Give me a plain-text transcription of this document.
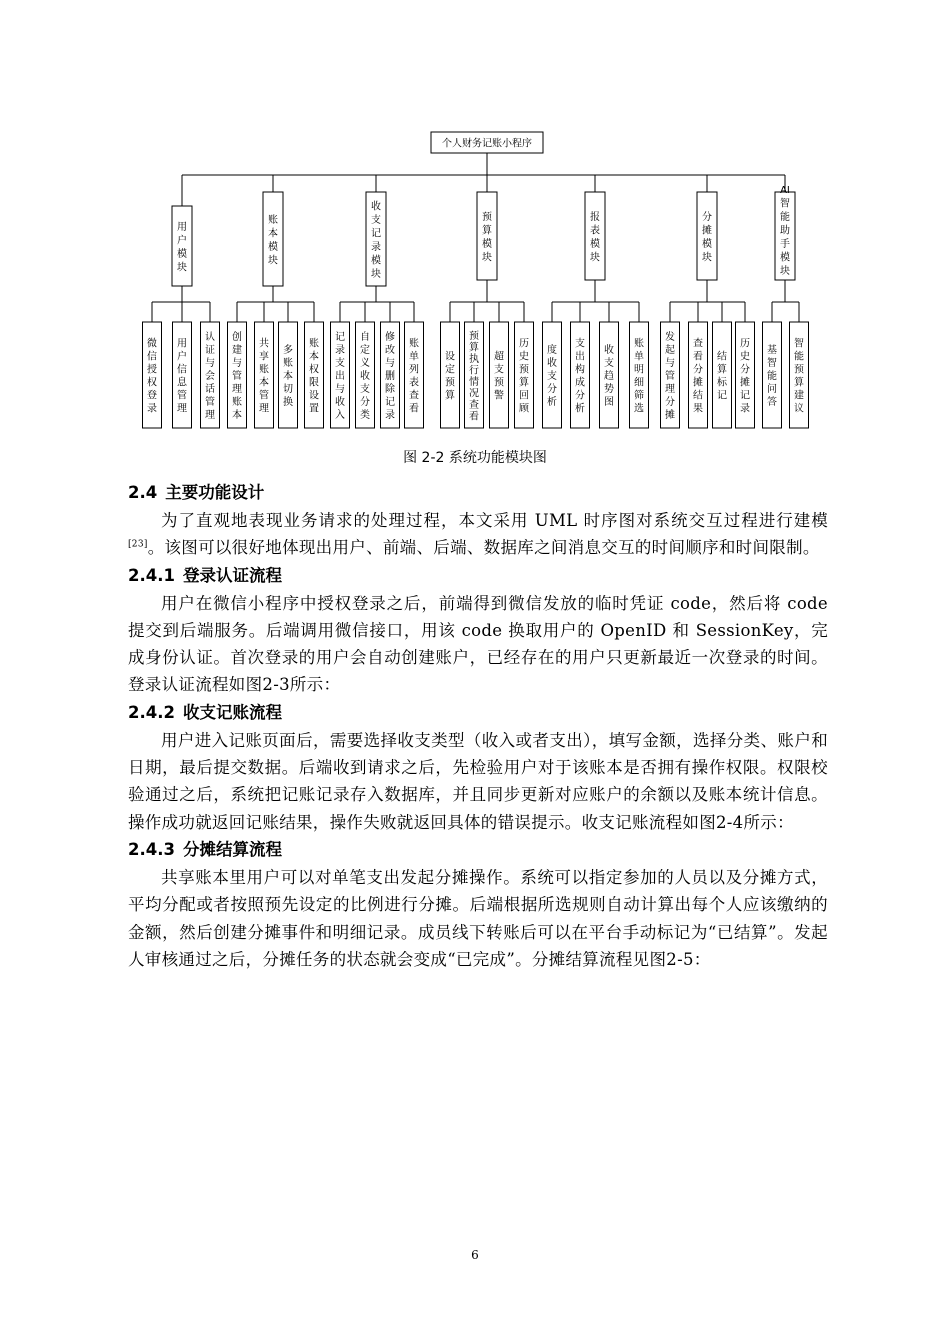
个人财务记账小程序
用
户
模
块
微
信
授
权
登
录
用
户
信
息
管
理
认
证
与
会
话
管
理
账
本
模
块
创
建
与
管
理
账
本
共
享
账
本
管
理
多
账
本
切
换
账
本
权
限
设
置
收
支
记
录
模
块
记
录
支
出
与
收
入
自
定
义
收
支
分
类
修
改
与
删
除
记
录
账
单
列
表
查
看
预
算
模
块
设
定
预
算
预
算
执
行
情
况
查
看
超
支
预
警
历
史
预
算
回
顾
报
表
模
块
度
收
支
分
析
支
出
构
成
分
析
收
支
趋
势
图
账
单
明
细
筛
选
分
摊
模
块
发
起
与
管
理
分
摊
查
看
分
摊
结
果
结
算
标
记
历
史
分
摊
记
录
AI
智
能
助
手
模
块
基
智
能
问
答
智
能
预
算
建
议
图 2-2 系统功能模块图
2.4 主要功能设计

为了直观地表现业务请求的处理过程，本文采用 UML 时序图对系统交互过程进行建模[23]。该图可以很好地体现出用户、前端、后端、数据库之间消息交互的时间顺序和时间限制。

2.4.1 登录认证流程

用户在微信小程序中授权登录之后，前端得到微信发放的临时凭证 code，然后将 code 提交到后端服务。后端调用微信接口，用该 code 换取用户的 OpenID 和 SessionKey，完成身份认证。首次登录的用户会自动创建账户，已经存在的用户只更新最近一次登录的时间。登录认证流程如图2-3所示：

2.4.2 收支记账流程

用户进入记账页面后，需要选择收支类型（收入或者支出），填写金额，选择分类、账户和日期，最后提交数据。后端收到请求之后，先检验用户对于该账本是否拥有操作权限。权限校验通过之后，系统把记账记录存入数据库，并且同步更新对应账户的余额以及账本统计信息。操作成功就返回记账结果，操作失败就返回具体的错误提示。收支记账流程如图2-4所示：

2.4.3 分摊结算流程

共享账本里用户可以对单笔支出发起分摊操作。系统可以指定参加的人员以及分摊方式，平均分配或者按照预先设定的比例进行分摊。后端根据所选规则自动计算出每个人应该缴纳的金额，然后创建分摊事件和明细记录。成员线下转账后可以在平台手动标记为“已结算”。发起人审核通过之后，分摊任务的状态就会变成“已完成”。分摊结算流程见图2-5：

6
